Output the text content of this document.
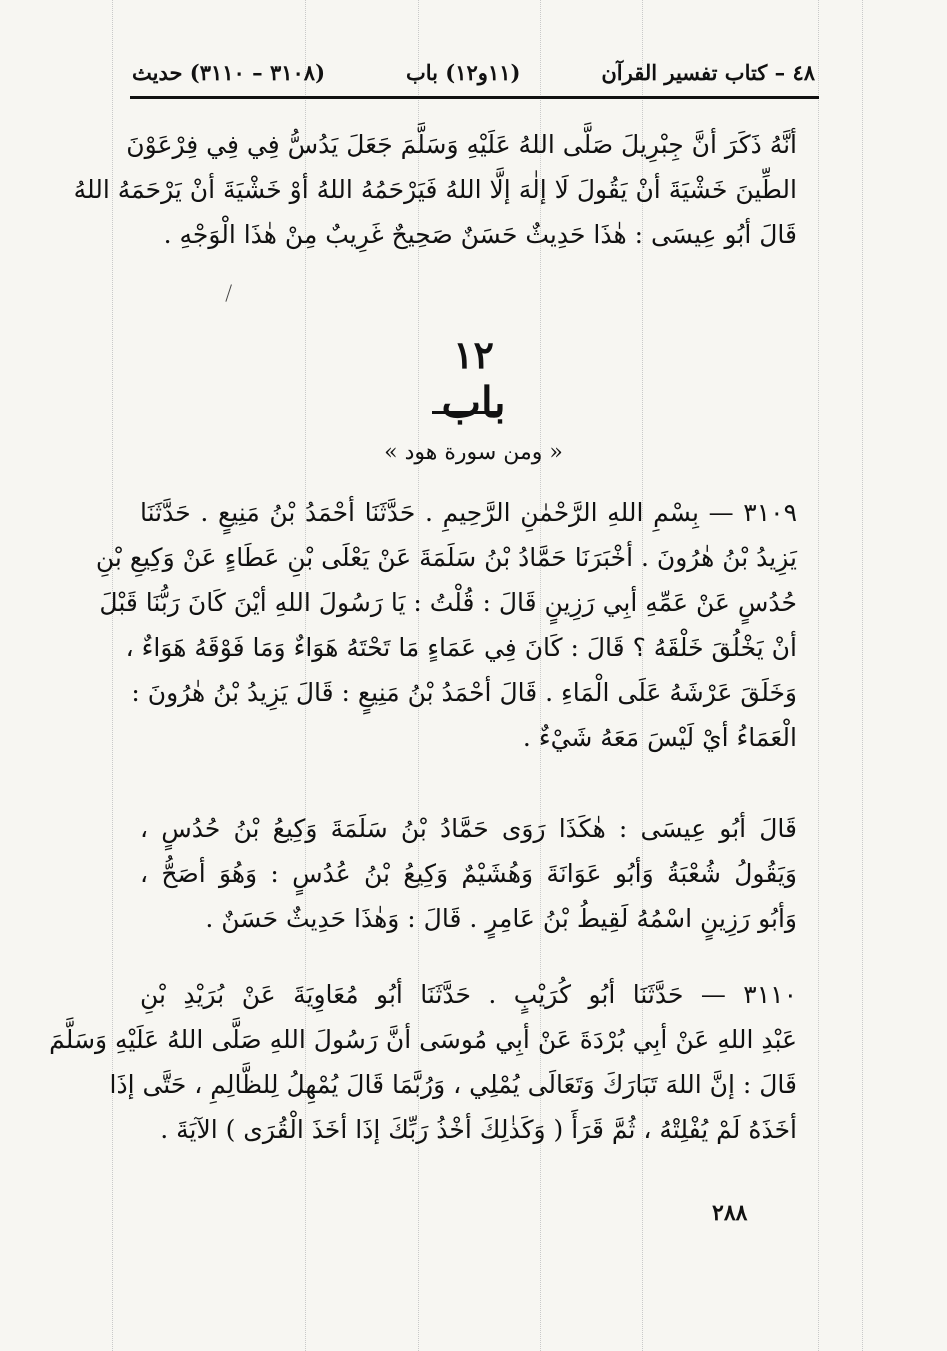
٤٨ – كتاب تفسير القرآن
(١١و١٢) باب
(٣١٠٨ – ٣١١٠) حديث
أنَّهُ ذَكَرَ أنَّ جِبْرِيلَ صَلَّى اللهُ عَلَيْهِ وَسَلَّمَ جَعَلَ يَدُسُّ فِي فِي فِرْعَوْنَ
الطِّينَ خَشْيَةَ أنْ يَقُولَ لَا إلٰهَ إلَّا اللهُ فَيَرْحَمُهُ اللهُ أوْ خَشْيَةَ أنْ يَرْحَمَهُ اللهُ
قَالَ أبُو عِيسَى : هٰذَا حَدِيثٌ حَسَنٌ صَحِيحٌ غَرِيبٌ مِنْ هٰذَا الْوَجْهِ .
١٢
باب
« ومن سورة هود »
٣١٠٩ — بِسْمِ اللهِ الرَّحْمٰنِ الرَّحِيمِ . حَدَّثَنَا أحْمَدُ بْنُ مَنِيعٍ . حَدَّثَنَا
يَزِيدُ بْنُ هٰرُونَ . أخْبَرَنَا حَمَّادُ بْنُ سَلَمَةَ عَنْ يَعْلَى بْنِ عَطَاءٍ عَنْ وَكِيعِ بْنِ
حُدُسٍ عَنْ عَمِّهِ أبِي رَزِينٍ قَالَ : قُلْتُ : يَا رَسُولَ اللهِ أيْنَ كَانَ رَبُّنَا قَبْلَ
أنْ يَخْلُقَ خَلْقَهُ ؟ قَالَ : كَانَ فِي عَمَاءٍ مَا تَحْتَهُ هَوَاءٌ وَمَا فَوْقَهُ هَوَاءٌ ،
وَخَلَقَ عَرْشَهُ عَلَى الْمَاءِ . قَالَ أحْمَدُ بْنُ مَنِيعٍ : قَالَ يَزِيدُ بْنُ هٰرُونَ :
الْعَمَاءُ أيْ لَيْسَ مَعَهُ شَيْءٌ .
قَالَ أبُو عِيسَى : هٰكَذَا رَوَى حَمَّادُ بْنُ سَلَمَةَ وَكِيعُ بْنُ حُدُسٍ ،
وَيَقُولُ شُعْبَةُ وَأبُو عَوَانَةَ وَهُشَيْمٌ وَكِيعُ بْنُ عُدُسٍ : وَهُوَ أصَحُّ ،
وَأبُو رَزِينٍ اسْمُهُ لَقِيطُ بْنُ عَامِرٍ . قَالَ : وَهٰذَا حَدِيثٌ حَسَنٌ .
٣١١٠ — حَدَّثَنَا أبُو كُرَيْبٍ . حَدَّثَنَا أبُو مُعَاوِيَةَ عَنْ بُرَيْدِ بْنِ
عَبْدِ اللهِ عَنْ أبِي بُرْدَةَ عَنْ أبِي مُوسَى أنَّ رَسُولَ اللهِ صَلَّى اللهُ عَلَيْهِ وَسَلَّمَ
قَالَ : إنَّ اللهَ تَبَارَكَ وَتَعَالَى يُمْلِي ، وَرُبَّمَا قَالَ يُمْهِلُ لِلظَّالِمِ ، حَتَّى إذَا
أخَذَهُ لَمْ يُفْلِتْهُ ، ثُمَّ قَرَأَ ( وَكَذٰلِكَ أخْذُ رَبِّكَ إذَا أخَذَ الْقُرَى ) الآيَةَ .
٢٨٨
